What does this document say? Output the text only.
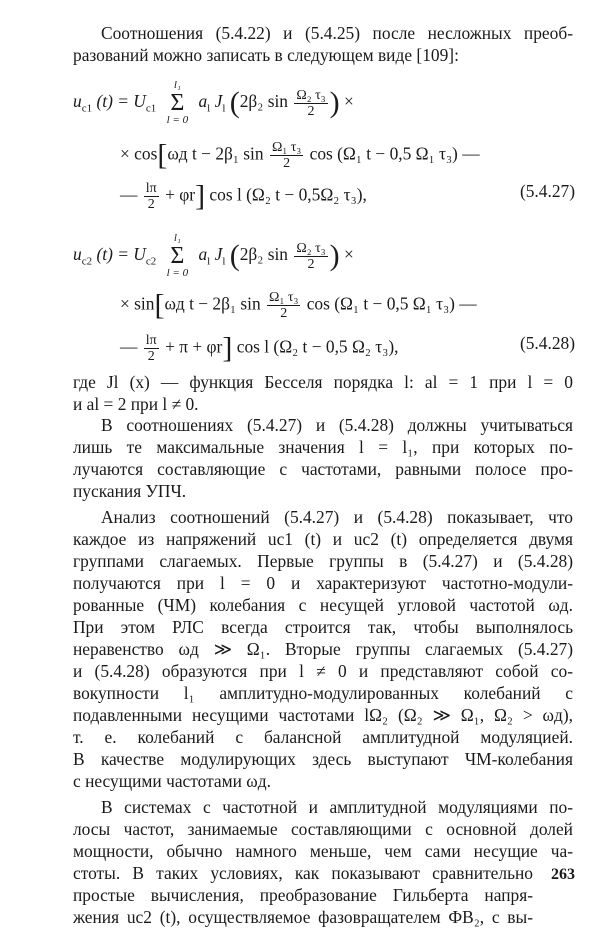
Соотношения (5.4.22) и (5.4.25) после несложных преоб-
разований можно записать в следующем виде [109]:
$u_{c1}$ $(t) = U_{c1}$
l₁
Σ
l = 0
$a_l$ $J_l$ (2β₂ $\sin \frac{\text{Ω₂ τ₃}}{2}$ ) ×
× cos[ωд t − 2β₁ $\sin \frac{\text{Ω₁ τ₃}}{2}$ cos (Ω₁ t − 0,5 Ω₁ τ₃) —
— $\frac{l\pi}{2} + \varphi r$] cos l (Ω₂ t − 0,5Ω₂ τ₃),	(5.4.27)
$u_{c2}$ $(t) = U_{c2}$
l₁
Σ
l = 0
$a_l$ $J_l$ (2β₂ $\sin \frac{\text{Ω₂ τ₃}}{2}$ ) ×
× sin[ωд t − 2β₁ $\sin \frac{\text{Ω₁ τ₃}}{2}$ cos (Ω₁ t − 0,5 Ω₁ τ₃) —
— $\frac{l\pi}{2} + \pi + \varphi r$] cos l (Ω₂ t − 0,5 Ω₂ τ₃),	(5.4.28)
где Jl (x) — функция Бесселя порядка l: al = 1 при l = 0
и al = 2 при l ≠ 0.
В соотношениях (5.4.27) и (5.4.28) должны учитываться
лишь те максимальные значения l = l₁, при которых по-
лучаются составляющие с частотами, равными полосе про-
пускания УПЧ.
Анализ соотношений (5.4.27) и (5.4.28) показывает, что
каждое из напряжений uc1 (t) и uc2 (t) определяется двумя
группами слагаемых. Первые группы в (5.4.27) и (5.4.28)
получаются при l = 0 и характеризуют частотно-модули-
рованные (ЧМ) колебания с несущей угловой частотой ωд.
При этом РЛС всегда строится так, чтобы выполнялось
неравенство ωд ≫ Ω₁. Вторые группы слагаемых (5.4.27)
и (5.4.28) образуются при l ≠ 0 и представляют собой со-
вокупности l₁ амплитудно-модулированных колебаний с
подавленными несущими частотами lΩ₂ (Ω₂ ≫ Ω₁, Ω₂ > ωд),
т. е. колебаний с балансной амплитудной модуляцией.
В качестве модулирующих здесь выступают ЧМ-колебания
с несущими частотами ωд.
В системах с частотной и амплитудной модуляциями по-
лосы частот, занимаемые составляющими с основной долей
мощности, обычно намного меньше, чем сами несущие ча-
стоты. В таких условиях, как показывают сравнительно
простые вычисления, преобразование Гильберта напря-
жения uc2 (t), осуществляемое фазовращателем ФВ₂, с вы-
263
